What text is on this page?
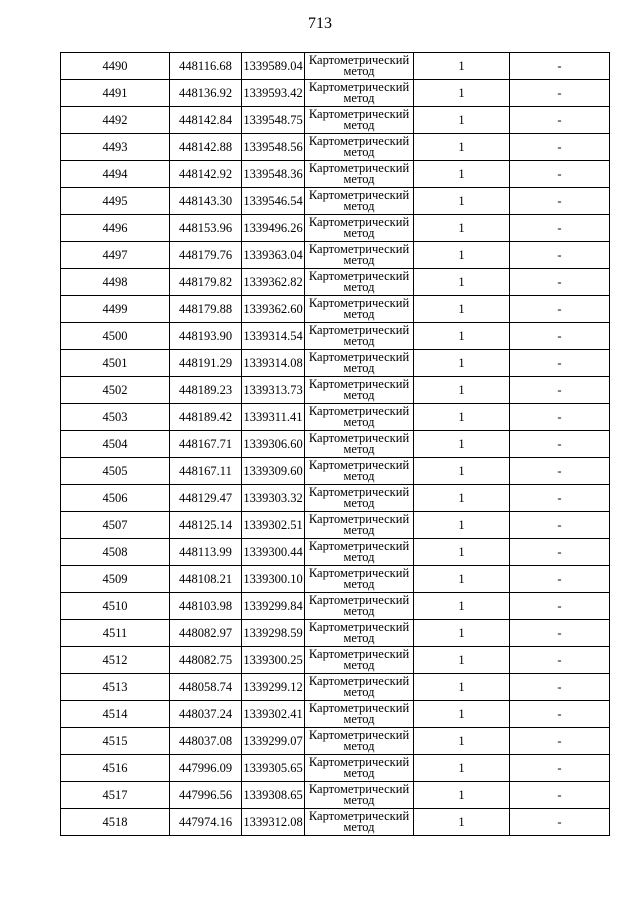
713
4490	448116.68	1339589.04	Картометрический
метод	1	-
4491	448136.92	1339593.42	Картометрический
метод	1	-
4492	448142.84	1339548.75	Картометрический
метод	1	-
4493	448142.88	1339548.56	Картометрический
метод	1	-
4494	448142.92	1339548.36	Картометрический
метод	1	-
4495	448143.30	1339546.54	Картометрический
метод	1	-
4496	448153.96	1339496.26	Картометрический
метод	1	-
4497	448179.76	1339363.04	Картометрический
метод	1	-
4498	448179.82	1339362.82	Картометрический
метод	1	-
4499	448179.88	1339362.60	Картометрический
метод	1	-
4500	448193.90	1339314.54	Картометрический
метод	1	-
4501	448191.29	1339314.08	Картометрический
метод	1	-
4502	448189.23	1339313.73	Картометрический
метод	1	-
4503	448189.42	1339311.41	Картометрический
метод	1	-
4504	448167.71	1339306.60	Картометрический
метод	1	-
4505	448167.11	1339309.60	Картометрический
метод	1	-
4506	448129.47	1339303.32	Картометрический
метод	1	-
4507	448125.14	1339302.51	Картометрический
метод	1	-
4508	448113.99	1339300.44	Картометрический
метод	1	-
4509	448108.21	1339300.10	Картометрический
метод	1	-
4510	448103.98	1339299.84	Картометрический
метод	1	-
4511	448082.97	1339298.59	Картометрический
метод	1	-
4512	448082.75	1339300.25	Картометрический
метод	1	-
4513	448058.74	1339299.12	Картометрический
метод	1	-
4514	448037.24	1339302.41	Картометрический
метод	1	-
4515	448037.08	1339299.07	Картометрический
метод	1	-
4516	447996.09	1339305.65	Картометрический
метод	1	-
4517	447996.56	1339308.65	Картометрический
метод	1	-
4518	447974.16	1339312.08	Картометрический
метод	1	-
